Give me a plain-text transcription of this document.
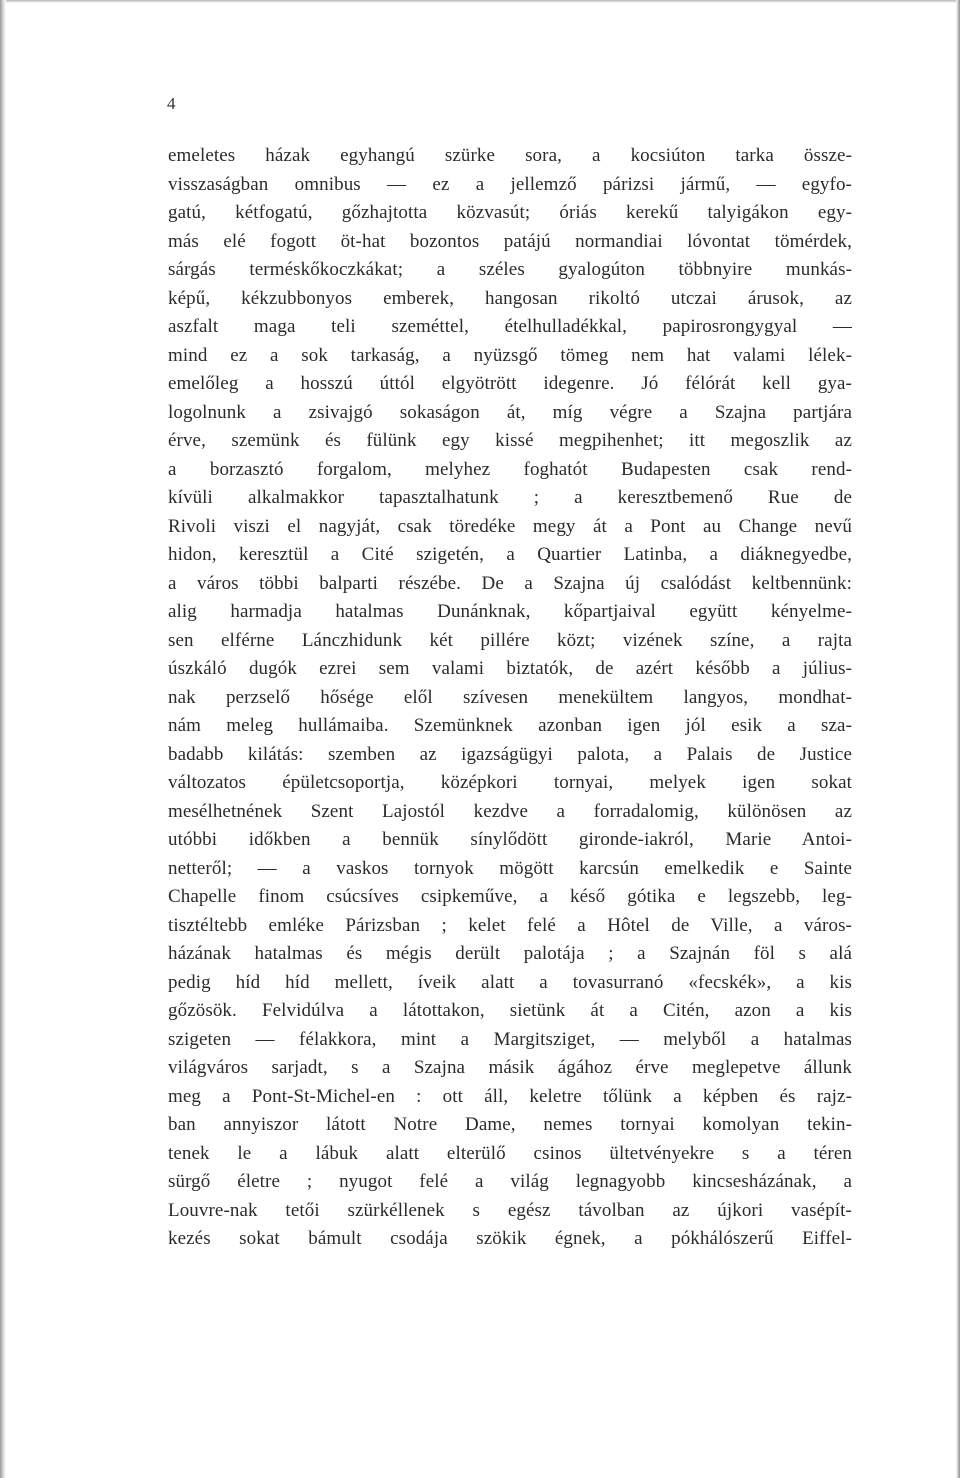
4
emeletes házak egyhangú szürke sora, a kocsiúton tarka össze-
visszaságban omnibus — ez a jellemző párizsi jármű, — egyfo-
gatú, kétfogatú, gőzhajtotta közvasút; óriás kerekű talyigákon egy-
más elé fogott öt-hat bozontos patájú normandiai lóvontat tömérdek,
sárgás terméskőkoczkákat; a széles gyalogúton többnyire munkás-
képű, kékzubbonyos emberek, hangosan rikoltó utczai árusok, az
aszfalt maga teli szeméttel, ételhulladékkal, papirosrongygyal —
mind ez a sok tarkaság, a nyüzsgő tömeg nem hat valami lélek-
emelőleg a hosszú úttól elgyötrött idegenre. Jó félórát kell gya-
logolnunk a zsivajgó sokaságon át, míg végre a Szajna partjára
érve, szemünk és fülünk egy kissé megpihenhet; itt megoszlik az
a borzasztó forgalom, melyhez foghatót Budapesten csak rend-
kívüli alkalmakkor tapasztalhatunk ; a keresztbemenő Rue de
Rivoli viszi el nagyját, csak töredéke megy át a Pont au Change nevű
hidon, keresztül a Cité szigetén, a Quartier Latinba, a diáknegyedbe,
a város többi balparti részébe. De a Szajna új csalódást keltbennünk:
alig harmadja hatalmas Dunánknak, kőpartjaival együtt kényelme-
sen elférne Lánczhidunk két pillére közt; vizének színe, a rajta
úszkáló dugók ezrei sem valami biztatók, de azért később a július-
nak perzselő hősége elől szívesen menekültem langyos, mondhat-
nám meleg hullámaiba. Szemünknek azonban igen jól esik a sza-
badabb kilátás: szemben az igazságügyi palota, a Palais de Justice
változatos épületcsoportja, középkori tornyai, melyek igen sokat
mesélhetnének Szent Lajostól kezdve a forradalomig, különösen az
utóbbi időkben a bennük sínylődött gironde-iakról, Marie Antoi-
netteről; — a vaskos tornyok mögött karcsún emelkedik e Sainte
Chapelle finom csúcsíves csipkeműve, a késő gótika e legszebb, leg-
tisztéltebb emléke Párizsban ; kelet felé a Hôtel de Ville, a város-
házának hatalmas és mégis derült palotája ; a Szajnán föl s alá
pedig híd híd mellett, íveik alatt a tovasurranó «fecskék», a kis
gőzösök. Felvidúlva a látottakon, sietünk át a Citén, azon a kis
szigeten — félakkora, mint a Margitsziget, — melyből a hatalmas
világváros sarjadt, s a Szajna másik ágához érve meglepetve állunk
meg a Pont-St-Michel-en : ott áll, keletre tőlünk a képben és rajz-
ban annyiszor látott Notre Dame, nemes tornyai komolyan tekin-
tenek le a lábuk alatt elterülő csinos ültetvényekre s a téren
sürgő életre ; nyugot felé a világ legnagyobb kincsesházának, a
Louvre-nak tetői szürkéllenek s egész távolban az újkori vasépít-
kezés sokat bámult csodája szökik égnek, a pókhálószerű Eiffel-
